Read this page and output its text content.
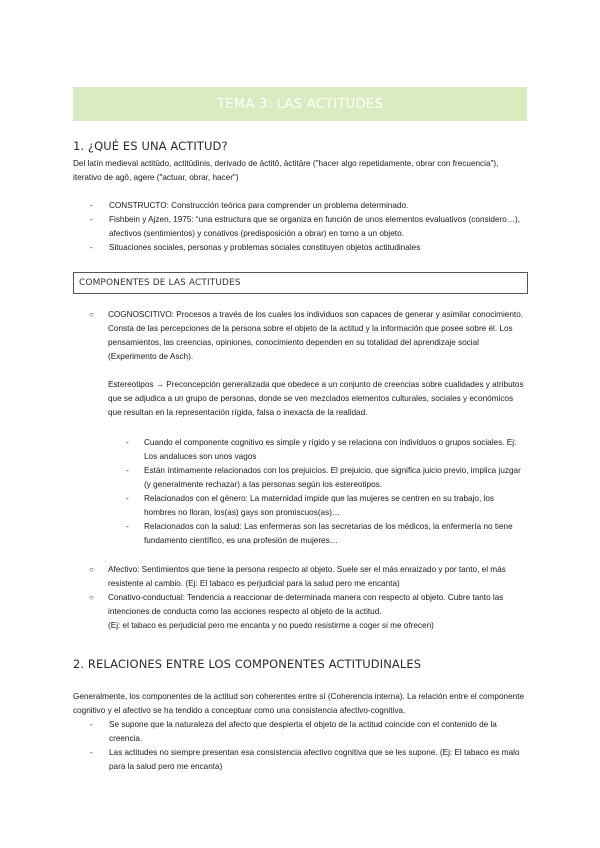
TEMA 3: LAS ACTITUDES
1. ¿QUÉ ES UNA ACTITUD?
Del latín medieval actitūdo, actitūdinis, derivado de āctitō, āctitāre ("hacer algo repetidamente, obrar con frecuencia"), iterativo de agō, agere ("actuar, obrar, hacer")
- CONSTRUCTO: Construcción teórica para comprender un problema determinado.
- Fishbein y Ajzen, 1975: “una estructura que se organiza en función de unos elementos evaluativos (considero…), afectivos (sentimientos) y conativos (predisposición a obrar) en torno a un objeto.
- Situaciones sociales, personas y problemas sociales constituyen objetos actitudinales
COMPONENTES DE LAS ACTITUDES
○ COGNOSCITIVO: Procesos a través de los cuales los individuos son capaces de generar y asimilar conocimiento. Consta de las percepciones de la persona sobre el objeto de la actitud y la información que posee sobre él. Los pensamientos, las creencias, opiniones, conocimiento dependen en su totalidad del aprendizaje social (Experimento de Asch).
Estereotipos → Preconcepción generalizada que obedece a un conjunto de creencias sobre cualidades y atributos que se adjudica a un grupo de personas, donde se ven mezclados elementos culturales, sociales y económicos que resultan en la representación rígida, falsa o inexacta de la realidad.
- Cuando el componente cognitivo es simple y rígido y se relaciona con individuos o grupos sociales. Ej: Los andaluces son unos vagos
- Están íntimamente relacionados con los prejuicios. El prejuicio, que significa juicio previo, implica juzgar (y generalmente rechazar) a las personas según los estereotipos.
- Relacionados con el género: La maternidad impide que las mujeres se centren en su trabajo, los hombres no lloran, los(as) gays son promiscuos(as)…
- Relacionados con la salud: Las enfermeras son las secretarias de los médicos, la enfermería no tiene fundamento científico, es una profesión de mujeres…
○ Afectivo: Sentimientos que tiene la persona respecto al objeto. Suele ser el más enraizado y por tanto, el más resistente al cambio. (Ej: El tabaco es perjudicial para la salud pero me encanta)
○ Conativo-conductual: Tendencia a reaccionar de determinada manera con respecto al objeto. Cubre tanto las intenciones de conducta como las acciones respecto al objeto de la actitud.
(Ej: el tabaco es perjudicial pero me encanta y no puedo resistirme a coger si me ofrecen)
2. RELACIONES ENTRE LOS COMPONENTES ACTITUDINALES
Generalmente, los componentes de la actitud son coherentes entre sí (Coherencia interna). La relación entre el componente cognitivo y el afectivo se ha tendido a conceptuar como una consistencia afectivo-cognitiva.
- Se supone que la naturaleza del afecto que despierta el objeto de la actitud coincide con el contenido de la creencia.
- Las actitudes no siempre presentan esa consistencia afectivo cognitiva que se les supone. (Ej: El tabaco es malo para la salud pero me encanta)
